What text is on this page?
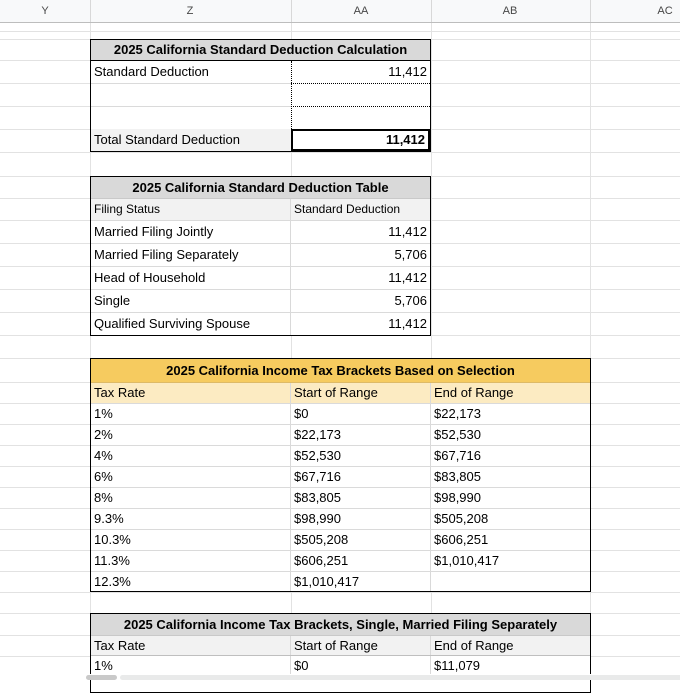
Y	Z	AA	AB	AC
2025 California Standard Deduction Calculation
Standard Deduction	11,412
Total Standard Deduction	11,412
2025 California Standard Deduction Table
Filing Status	Standard Deduction
Married Filing Jointly	11,412
Married Filing Separately	5,706
Head of Household	11,412
Single	5,706
Qualified Surviving Spouse	11,412
2025 California Income Tax Brackets Based on Selection
Tax Rate	Start of Range	End of Range
1%	$0	$22,173
2%	$22,173	$52,530
4%	$52,530	$67,716
6%	$67,716	$83,805
8%	$83,805	$98,990
9.3%	$98,990	$505,208
10.3%	$505,208	$606,251
11.3%	$606,251	$1,010,417
12.3%	$1,010,417
2025 California Income Tax Brackets, Single, Married Filing Separately
Tax Rate	Start of Range	End of Range
1%	$0	$11,079
